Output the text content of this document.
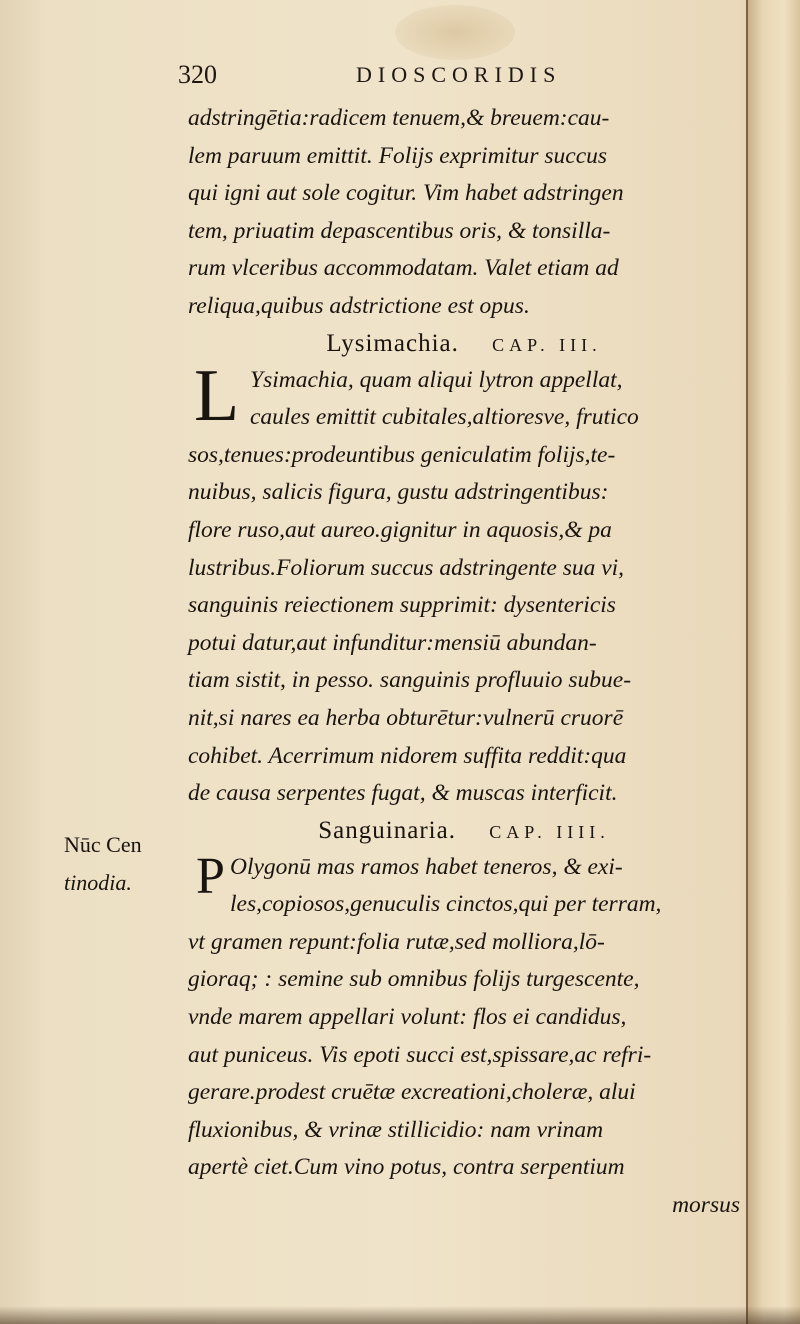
320	DIOSCORIDIS
adstringētia:radicem tenuem,& breuem:cau-
lem paruum emittit. Folijs exprimitur succus
qui igni aut sole cogitur. Vim habet adstringen
tem, priuatim depascentibus oris, & tonsilla-
rum vlceribus accommodatam. Valet etiam ad
reliqua,quibus adstrictione est opus.
Lysimachia. CAP. III.
L Ysimachia, quam aliqui lytron appellat,
caules emittit cubitales,altioresve, frutico
sos,tenues:prodeuntibus geniculatim folijs,te-
nuibus, salicis figura, gustu adstringentibus:
flore ruso,aut aureo.gignitur in aquosis,& pa
lustribus.Foliorum succus adstringente sua vi,
sanguinis reiectionem supprimit: dysentericis
potui datur,aut infunditur:mensiū abundan-
tiam sistit, in pesso. sanguinis profluuio subue-
nit,si nares ea herba obturētur:vulnerū cruorē
cohibet. Acerrimum nidorem suffita reddit:qua
de causa serpentes fugat, & muscas interficit.
Sanguinaria. CAP. IIII.
P Olygonū mas ramos habet teneros, & exi-
les,copiosos,genuculis cinctos,qui per terram,
vt gramen repunt:folia rutæ,sed molliora,lō-
gioraq; : semine sub omnibus folijs turgescente,
vnde marem appellari volunt: flos ei candidus,
aut puniceus. Vis epoti succi est,spissare,ac refri-
gerare.prodest cruētæ excreationi,choleræ, alui
fluxionibus, & vrinæ stillicidio: nam vrinam
apertè ciet.Cum vino potus, contra serpentium
morsus
Nūc Cen
tinodia.
